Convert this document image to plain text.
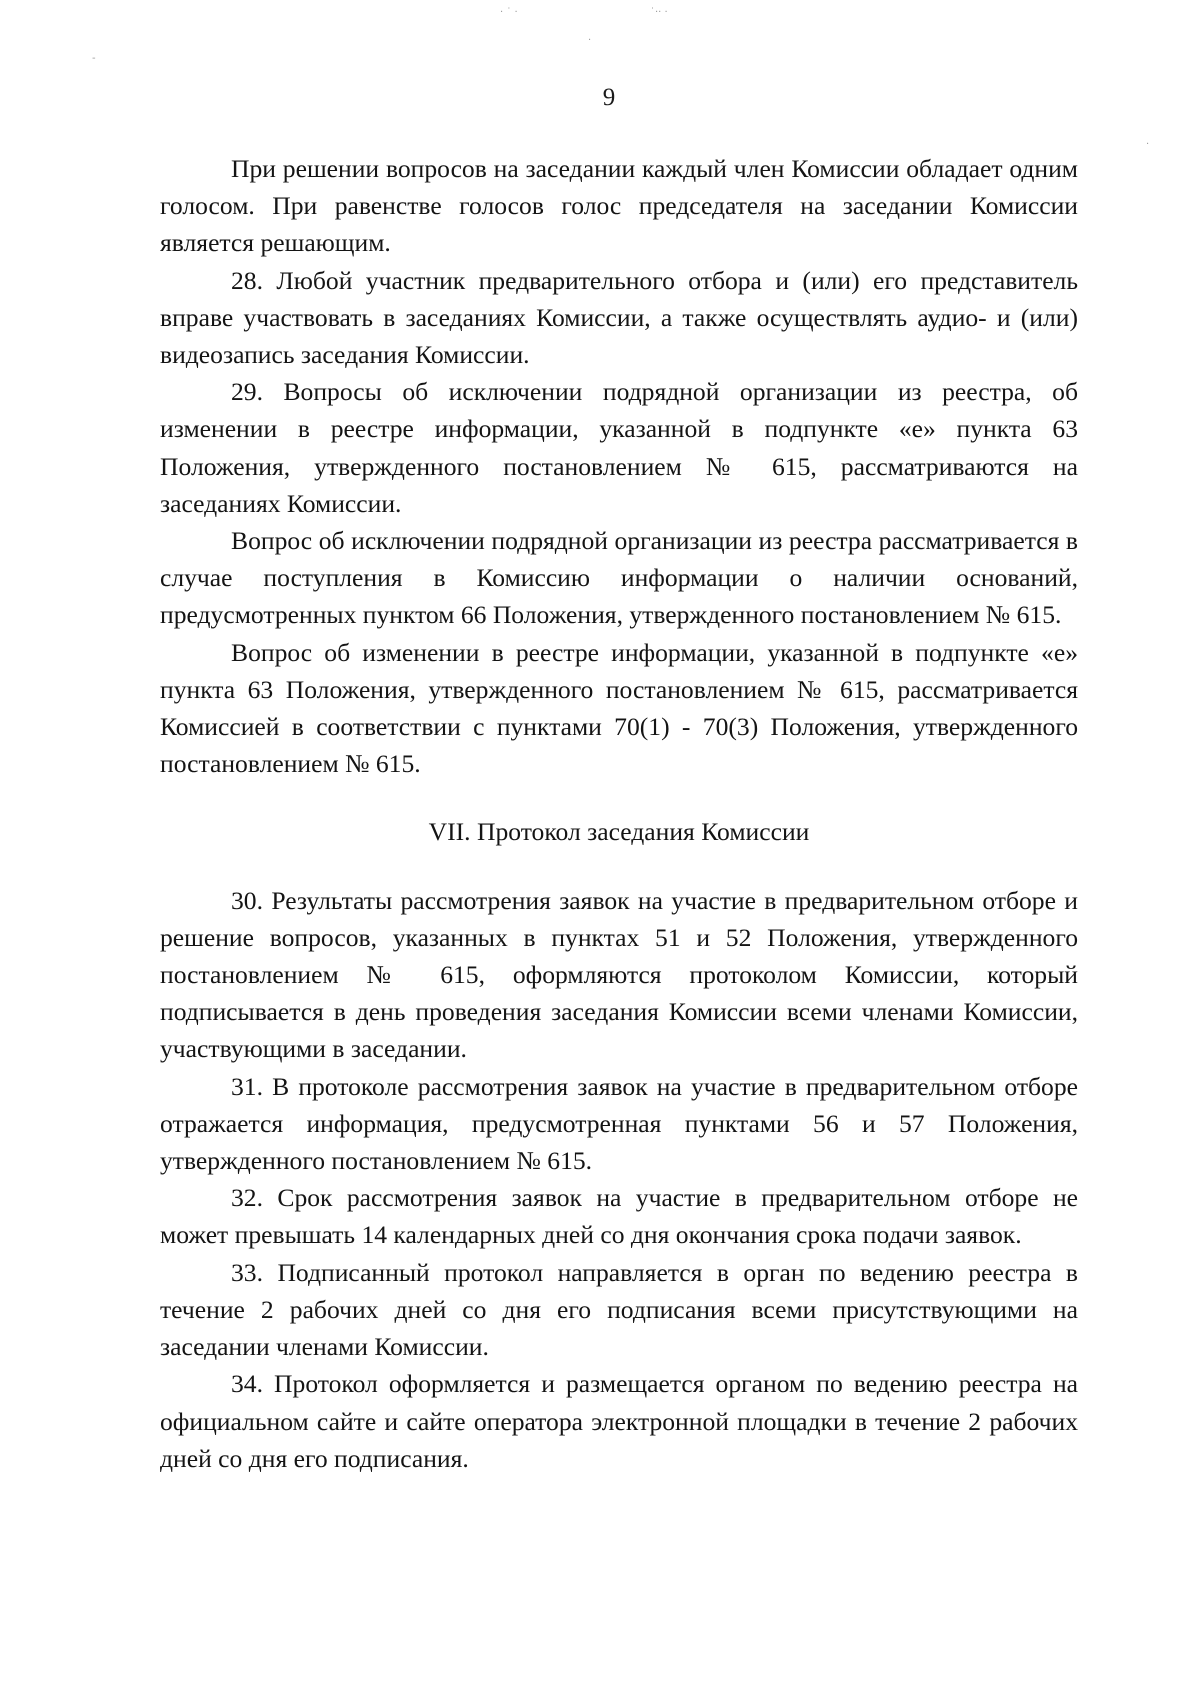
· ˙ ·	˙·· ·
·
-
·
9

При решении вопросов на заседании каждый член Комиссии обладает одним голосом. При равенстве голосов голос председателя на заседании Комиссии является решающим.

28. Любой участник предварительного отбора и (или) его представитель вправе участвовать в заседаниях Комиссии, а также осуществлять аудио- и (или) видеозапись заседания Комиссии.

29. Вопросы об исключении подрядной организации из реестра, об изменении в реестре информации, указанной в подпункте «е» пункта 63 Положения, утвержденного постановлением № 615, рассматриваются на заседаниях Комиссии.

Вопрос об исключении подрядной организации из реестра рассматривается в случае поступления в Комиссию информации о наличии оснований, предусмотренных пунктом 66 Положения, утвержденного постановлением № 615.

Вопрос об изменении в реестре информации, указанной в подпункте «е» пункта 63 Положения, утвержденного постановлением № 615, рассматривается Комиссией в соответствии с пунктами 70(1) - 70(3) Положения, утвержденного постановлением № 615.

VII. Протокол заседания Комиссии

30. Результаты рассмотрения заявок на участие в предварительном отборе и решение вопросов, указанных в пунктах 51 и 52 Положения, утвержденного постановлением № 615, оформляются протоколом Комиссии, который подписывается в день проведения заседания Комиссии всеми членами Комиссии, участвующими в заседании.

31. В протоколе рассмотрения заявок на участие в предварительном отборе отражается информация, предусмотренная пунктами 56 и 57 Положения, утвержденного постановлением № 615.

32. Срок рассмотрения заявок на участие в предварительном отборе не может превышать 14 календарных дней со дня окончания срока подачи заявок.

33. Подписанный протокол направляется в орган по ведению реестра в течение 2 рабочих дней со дня его подписания всеми присутствующими на заседании членами Комиссии.

34. Протокол оформляется и размещается органом по ведению реестра на официальном сайте и сайте оператора электронной площадки в течение 2 рабочих дней со дня его подписания.
